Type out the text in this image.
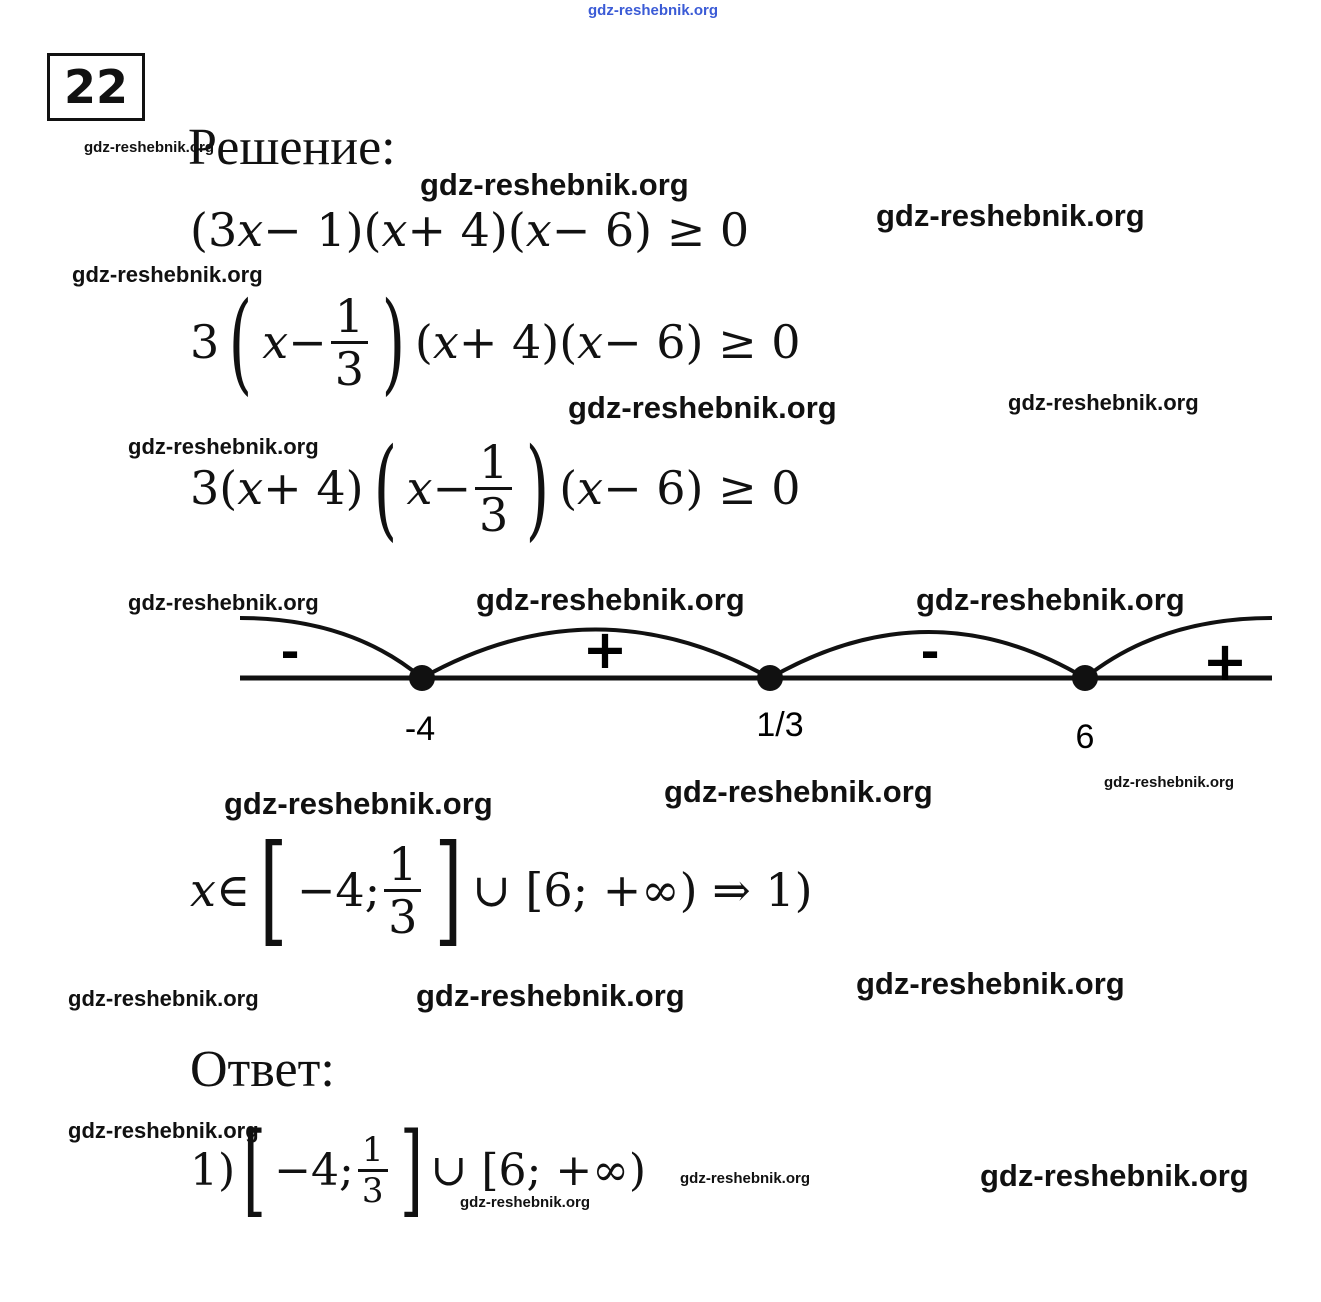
gdz-reshebnik.org
22
gdz-reshebnik.org
gdz-reshebnik.org
gdz-reshebnik.org
gdz-reshebnik.org
gdz-reshebnik.org	gdz-reshebnik.org
gdz-reshebnik.org
gdz-reshebnik.org	gdz-reshebnik.org	gdz-reshebnik.org
gdz-reshebnik.org	gdz-reshebnik.org	gdz-reshebnik.org
gdz-reshebnik.org	gdz-reshebnik.org	gdz-reshebnik.org
gdz-reshebnik.org
gdz-reshebnik.org
gdz-reshebnik.org
gdz-reshebnik.org
Решение:
(3 x − 1)( x + 4)( x − 6) ≥ 0
3 ( $x - \frac{1}{3}$ ) ( x + 4)( x − 6) ≥ 0
3( x + 4) ( $x - \frac{1}{3}$ ) ( x − 6) ≥ 0
-	+	-	+
-4	1/3	6
x ∈ [ −4; $\frac{1}{3}$ ] ∪ [6; +∞) ⇒ 1)
Ответ:
1) [ −4; $\frac{1}{3}$ ] ∪ [6; +∞)
